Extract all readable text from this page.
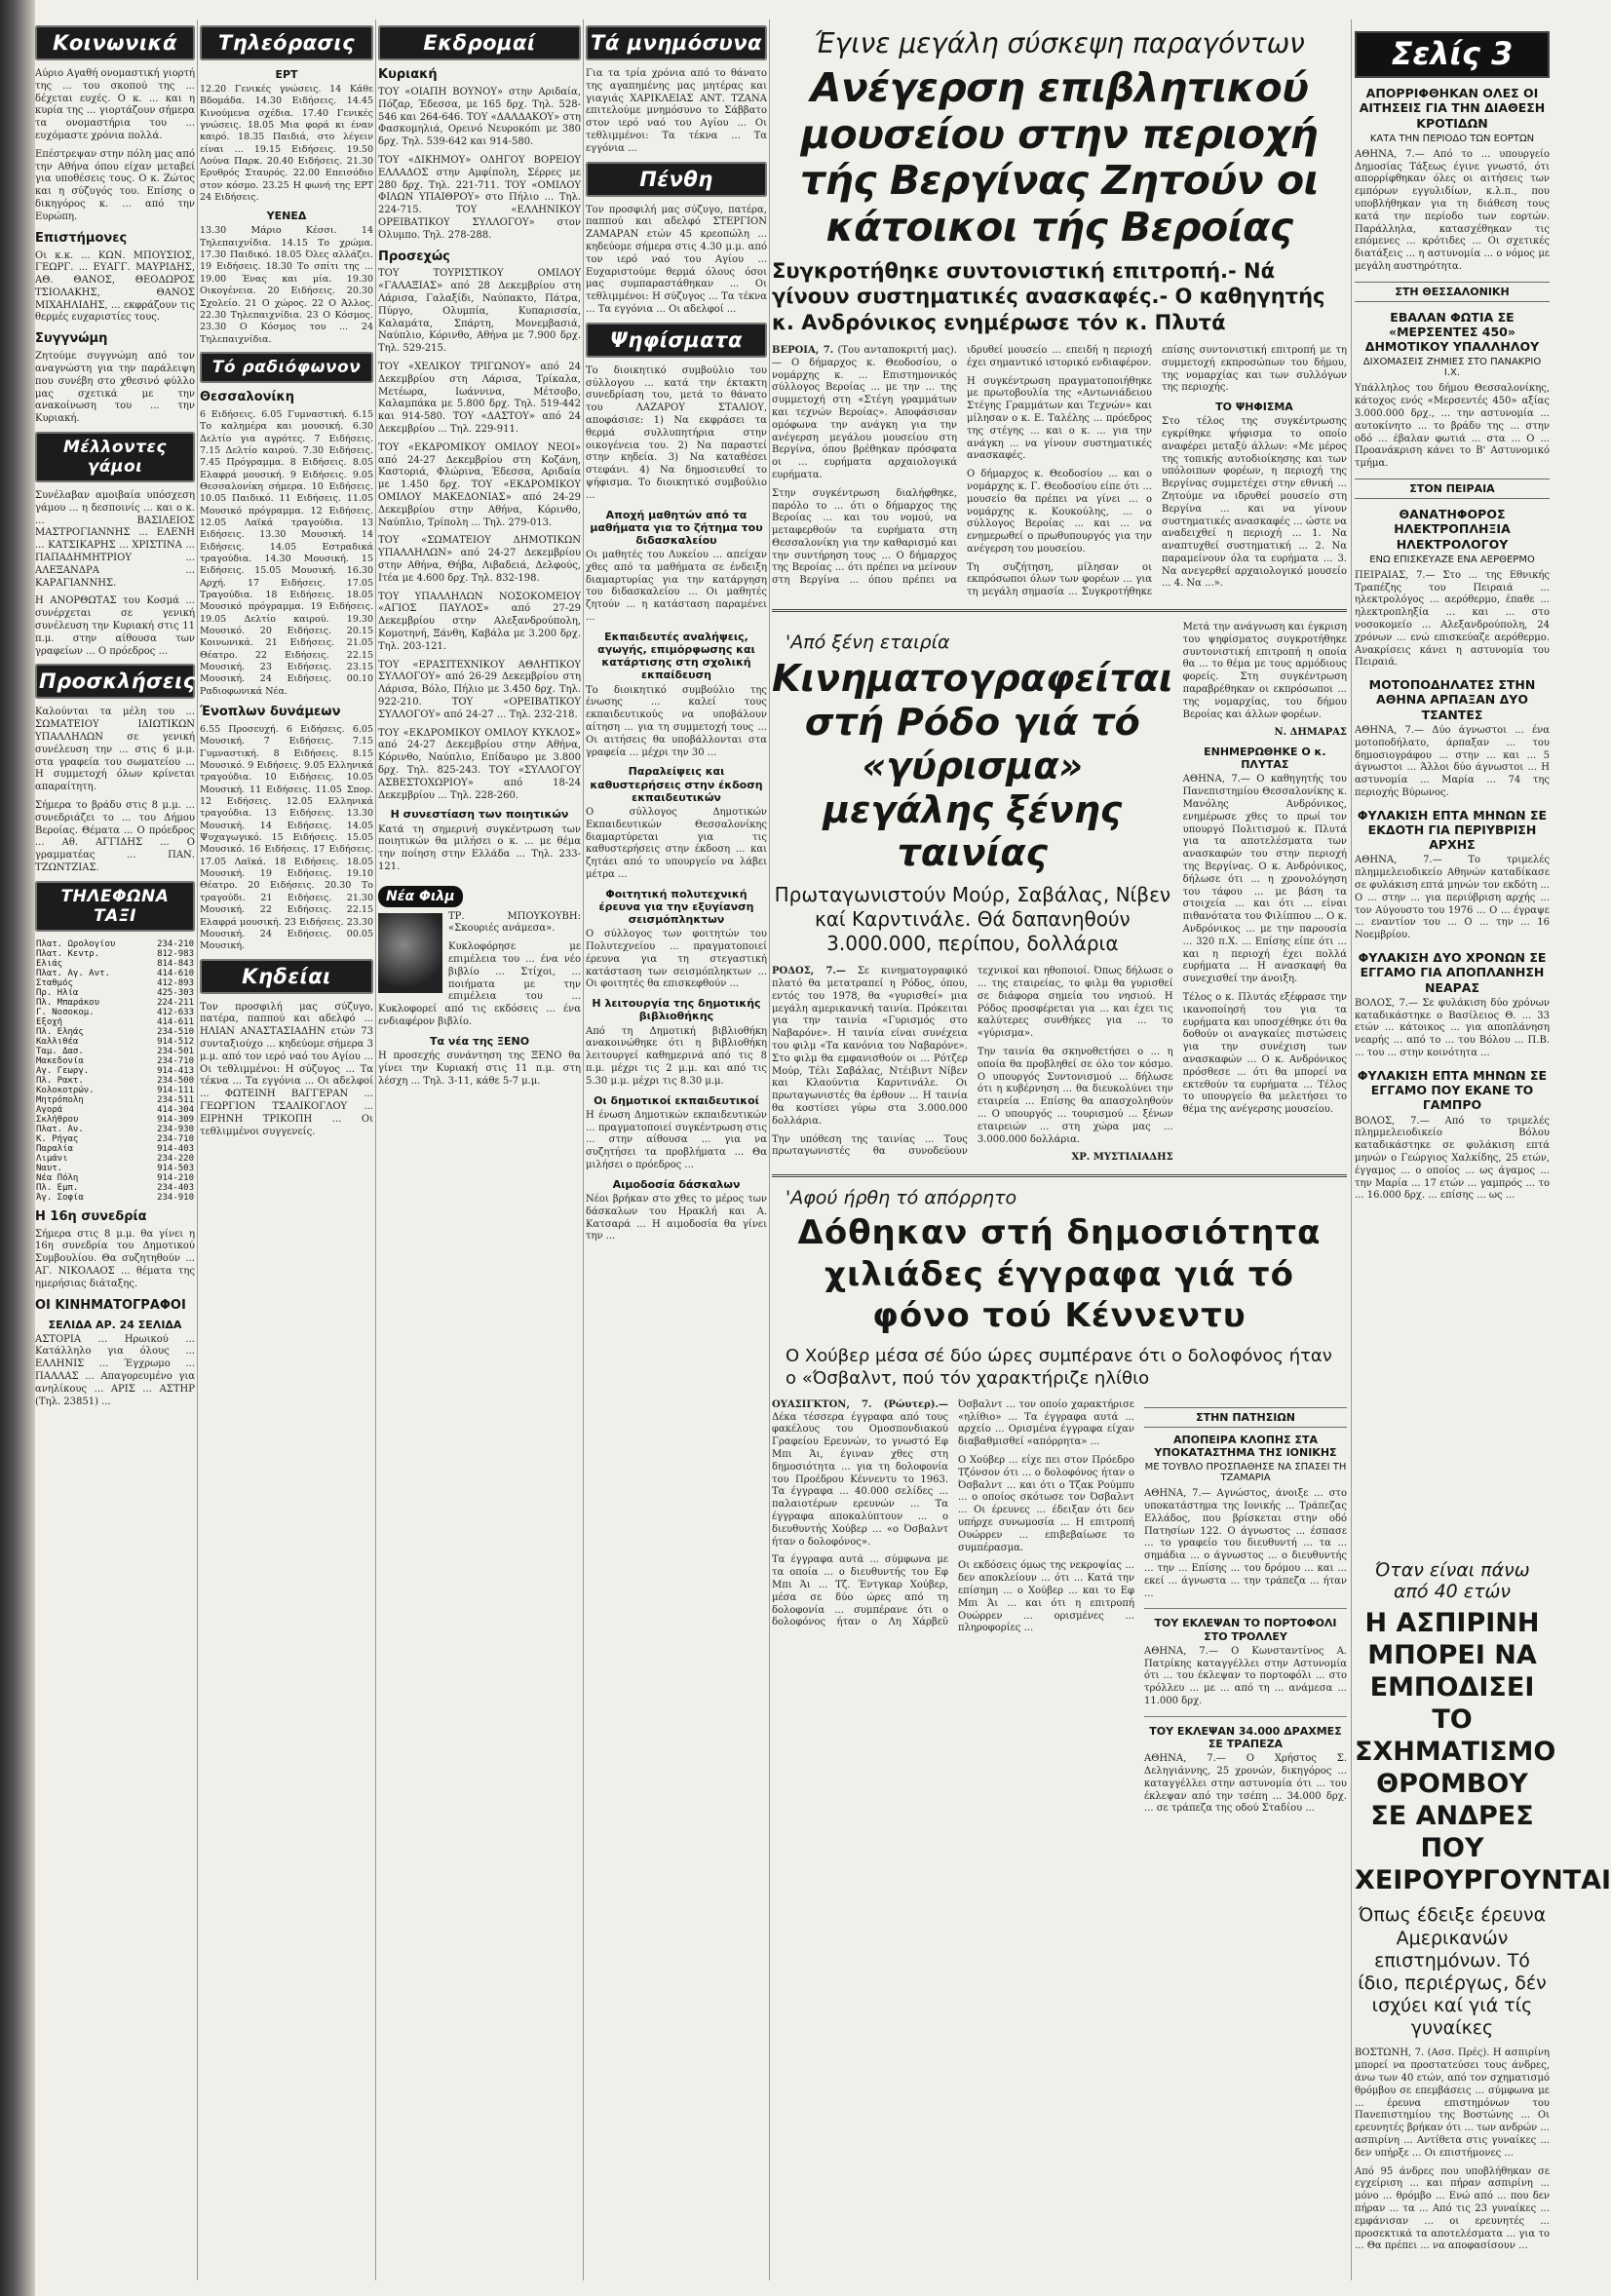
Κοινωνικά

Αύριο Αγαθή ονομαστική γιορτή της ... του σκοπού της ... δέχεται ευχές. Ο κ. ... και η κυρία της ... γιορτάζουν σήμερα τα ονομαστήρια του ... ευχόμαστε χρόνια πολλά.

Επέστρεψαν στην πόλη μας από την Αθήνα όπου είχαν μεταβεί για υποθέσεις τους. Ο κ. Ζώτος και η σύζυγός του. Επίσης ο δικηγόρος κ. ... από την Ευρώπη.

Επιστήμονες

Οι κ.κ. ... ΚΩΝ. ΜΠΟΥΣΙΟΣ, ΓΕΩΡΓ. ... ΕΥΑΓΓ. ΜΑΥΡΙΔΗΣ, ΑΘ. ΘΑΝΟΣ, ΘΕΟΔΩΡΟΣ ΤΣΙΟΛΑΚΗΣ, ΘΑΝΟΣ ΜΙΧΑΗΛΙΔΗΣ, ... εκφράζουν τις θερμές ευχαριστίες τους.

Συγγνώμη

Ζητούμε συγγνώμη από τον αναγνώστη για την παράλειψη που συνέβη στο χθεσινό φύλλο μας σχετικά με την ανακοίνωση του ... την Κυριακή.

Μέλλοντες γάμοι

Συνέλαβαν αμοιβαία υπόσχεση γάμου ... η δεσποινίς ... και ο κ. ... ΒΑΣΙΛΕΙΟΣ ΜΑΣΤΡΟΓΙΑΝΝΗΣ ... ΕΛΕΝΗ ... ΚΑΤΣΙΚΑΡΗΣ ... ΧΡΙΣΤΙΝΑ ... ΠΑΠΑΔΗΜΗΤΡΙΟΥ ... ΑΛΕΞΑΝΔΡΑ ... ΚΑΡΑΓΙΑΝΝΗΣ.

Η ΑΝΟΡΘΩΤΑΣ του Κοσμά ... συνέρχεται σε γενική συνέλευση την Κυριακή στις 11 π.μ. στην αίθουσα των γραφείων ... Ο πρόεδρος ...

Προσκλήσεις

Καλούνται τα μέλη του ... ΣΩΜΑΤΕΙΟΥ ΙΔΙΩΤΙΚΩΝ ΥΠΑΛΛΗΛΩΝ σε γενική συνέλευση την ... στις 6 μ.μ. στα γραφεία του σωματείου ... Η συμμετοχή όλων κρίνεται απαραίτητη.

Σήμερα το βράδυ στις 8 μ.μ. ... συνεδριάζει το ... του Δήμου Βεροίας. Θέματα ... Ο πρόεδρος ... Αθ. ΑΓΓΙΔΗΣ ... Ο γραμματέας ... ΠΑΝ. ΤΖΩΝΤΖΙΑΣ.

ΤΗΛΕΦΩΝΑ ΤΑΞΙ
Πλατ. Ωρολογίου	234-210
Πλατ. Κεντρ.	812-983
Ελιάς	814-843
Πλατ. Αγ. Αντ.	414-610
Σταθμός	412-893
Πρ. Ηλία	425-303
Πλ. Μπαράκου	224-211
Γ. Νοσοκομ.	412-633
Εξοχή	414-611
Πλ. Εληάς	234-510
Καλλιθέα	914-512
Ταμ. Δασ.	234-501
Μακεδονία	234-710
Αγ. Γεωργ.	914-413
Πλ. Ρακτ.	234-500
Κολοκοτρών.	914-111
Μητρόπολη	234-511
Αγορά	414-304
Σκλήθρου	914-309
Πλατ. Αν.	234-930
Κ. Ρήγας	234-710
Παραλία	914-403
Λιμάνι	234-220
Ναυτ.	914-503
Νέα Πόλη	914-210
Πλ. Εμπ.	234-403
Άγ. Σοφία	234-910
Η 16η συνεδρία

Σήμερα στις 8 μ.μ. θα γίνει η 16η συνεδρία του Δημοτικού Συμβουλίου. Θα συζητηθούν ... ΑΓ. ΝΙΚΟΛΑΟΣ ... θέματα της ημερήσιας διάταξης.

ΟΙ ΚΙΝΗΜΑΤΟΓΡΑΦΟΙ
ΣΕΛΙΔΑ ΑΡ. 24 ΣΕΛΙΔΑ

ΑΣΤΟΡΙΑ ... Ηρωικού ... Κατάλληλο για όλους ... ΕΛΛΗΝΙΣ ... Έγχρωμο ... ΠΑΛΛΑΣ ... Απαγορευμένο για ανηλίκους ... ΑΡΙΣ ... ΑΣΤΗΡ (Τηλ. 23851) ...

Τηλεόρασις
ΕΡΤ

12.20 Γενικές γνώσεις. 14 Κάθε Βδομάδα. 14.30 Ειδήσεις. 14.45 Κινούμενα σχέδια. 17.40 Γενικές γνώσεις. 18.05 Μια φορά κι έναν καιρό. 18.35 Παιδιά, στο λέγειν είναι ... 19.15 Ειδήσεις. 19.50 Λούνα Παρκ. 20.40 Ειδήσεις. 21.30 Ερυθρός Σταυρός. 22.00 Επεισόδιο στον κόσμο. 23.25 Η φωνή της ΕΡΤ 24 Ειδήσεις.

ΥΕΝΕΔ

13.30 Μάριο Κέσσι. 14 Τηλεπαιχνίδια. 14.15 Το χρώμα. 17.30 Παιδικό. 18.05 Όλες αλλάζει. 19 Ειδήσεις. 18.30 Το σπίτι της ... 19.00 Ένας και μία. 19.30 Οικογένεια. 20 Ειδήσεις. 20.30 Σχολείο. 21 Ο χώρος. 22 Ο Άλλος. 22.30 Τηλεπαιχνίδια. 23 Ο Κόσμος. 23.30 Ο Κόσμος του ... 24 Τηλεπαιχνίδια.

Τό ραδιόφωνον
Θεσσαλονίκη

6 Ειδήσεις. 6.05 Γυμναστική. 6.15 Το καλημέρα και μουσική. 6.30 Δελτίο για αγρότες. 7 Ειδήσεις. 7.15 Δελτίο καιρού. 7.30 Ειδήσεις. 7.45 Πρόγραμμα. 8 Ειδήσεις. 8.05 Ελαφρά μουσική. 9 Ειδήσεις. 9.05 Θεσσαλονίκη σήμερα. 10 Ειδήσεις. 10.05 Παιδικό. 11 Ειδήσεις. 11.05 Μουσικό πρόγραμμα. 12 Ειδήσεις. 12.05 Λαϊκά τραγούδια. 13 Ειδήσεις. 13.30 Μουσική. 14 Ειδήσεις. 14.05 Εστραδικά τραγούδια. 14.30 Μουσική. 15 Ειδήσεις. 15.05 Μουσική. 16.30 Αρχή. 17 Ειδήσεις. 17.05 Τραγούδια. 18 Ειδήσεις. 18.05 Μουσικό πρόγραμμα. 19 Ειδήσεις. 19.05 Δελτίο καιρού. 19.30 Μουσικό. 20 Ειδήσεις. 20.15 Κοινωνικά. 21 Ειδήσεις. 21.05 Θέατρο. 22 Ειδήσεις. 22.15 Μουσική. 23 Ειδήσεις. 23.15 Μουσική. 24 Ειδήσεις. 00.10 Ραδιοφωνικά Νέα.

Ένοπλων δυνάμεων

6.55 Προσευχή. 6 Ειδήσεις. 6.05 Μουσική. 7 Ειδήσεις. 7.15 Γυμναστική. 8 Ειδήσεις. 8.15 Μουσικό. 9 Ειδήσεις. 9.05 Ελληνικά τραγούδια. 10 Ειδήσεις. 10.05 Μουσική. 11 Ειδήσεις. 11.05 Σπορ. 12 Ειδήσεις. 12.05 Ελληνικά τραγούδια. 13 Ειδήσεις. 13.30 Μουσική. 14 Ειδήσεις. 14.05 Ψυχαγωγικό. 15 Ειδήσεις. 15.05 Μουσικό. 16 Ειδήσεις. 17 Ειδήσεις. 17.05 Λαϊκά. 18 Ειδήσεις. 18.05 Μουσική. 19 Ειδήσεις. 19.10 Θέατρο. 20 Ειδήσεις. 20.30 Το τραγούδι. 21 Ειδήσεις. 21.30 Μουσική. 22 Ειδήσεις. 22.15 Ελαφρά μουσική. 23 Ειδήσεις. 23.30 Μουσική. 24 Ειδήσεις. 00.05 Μουσική.

Κηδείαι

Τον προσφιλή μας σύζυγο, πατέρα, παππού και αδελφό ... ΗΛΙΑΝ ΑΝΑΣΤΑΣΙΑΔΗΝ ετών 73 συνταξιούχο ... κηδεύομε σήμερα 3 μ.μ. από τον ιερό ναό του Αγίου ... Οι τεθλιμμένοι: Η σύζυγος ... Τα τέκνα ... Τα εγγόνια ... Οι αδελφοί ... ΦΩΤΕΙΝΗ ΒΑΓΓΕΡΑΝ ... ΓΕΩΡΓΙΟΝ ΤΣΑΛΙΚΟΓΛΟΥ ... ΕΙΡΗΝΗ ΤΡΙΚΟΠΗ ... Οι τεθλιμμένοι συγγενείς.

Εκδρομαί
Κυριακή

ΤΟΥ «ΟΙΑΠΗ ΒΟΥΝΟΥ» στην Αριδαία, Πόζαρ, Έδεσσα, με 165 δρχ. Τηλ. 528-546 και 264-646. ΤΟΥ «ΔΑΛΔΑΚΟΥ» στη Φασκομηλιά, Ορεινό Νευροκόπι με 380 δρχ. Τηλ. 539-642 και 914-580.

ΤΟΥ «ΔΙΚΗΜΟΥ» ΟΔΗΓΟΥ ΒΟΡΕΙΟΥ ΕΛΛΑΔΟΣ στην Αμφίπολη, Σέρρες με 280 δρχ. Τηλ. 221-711. ΤΟΥ «ΟΜΙΛΟΥ ΦΙΛΩΝ ΥΠΑΙΘΡΟΥ» στο Πήλιο ... Τηλ. 224-715. ΤΟΥ «ΕΛΛΗΝΙΚΟΥ ΟΡΕΙΒΑΤΙΚΟΥ ΣΥΛΛΟΓΟΥ» στον Όλυμπο. Τηλ. 278-288.

Προσεχώς

ΤΟΥ ΤΟΥΡΙΣΤΙΚΟΥ ΟΜΙΛΟΥ «ΓΑΛΑΞΙΑΣ» από 28 Δεκεμβρίου στη Λάρισα, Γαλαξίδι, Ναύπακτο, Πάτρα, Πύργο, Ολυμπία, Κυπαρισσία, Καλαμάτα, Σπάρτη, Μονεμβασιά, Ναύπλιο, Κόρινθο, Αθήνα με 7.900 δρχ. Τηλ. 529-215.

ΤΟΥ «ΧΕΛΙΚΟΥ ΤΡΙΓΩΝΟΥ» από 24 Δεκεμβρίου στη Λάρισα, Τρίκαλα, Μετέωρα, Ιωάννινα, Μέτσοβο, Καλαμπάκα με 5.800 δρχ. Τηλ. 519-442 και 914-580. ΤΟΥ «ΔΑΣΤΟΥ» από 24 Δεκεμβρίου ... Τηλ. 229-911.

ΤΟΥ «ΕΚΔΡΟΜΙΚΟΥ ΟΜΙΛΟΥ ΝΕΟΙ» από 24-27 Δεκεμβρίου στη Κοζάνη, Καστοριά, Φλώρινα, Έδεσσα, Αριδαία με 1.450 δρχ. ΤΟΥ «ΕΚΔΡΟΜΙΚΟΥ ΟΜΙΛΟΥ ΜΑΚΕΔΟΝΙΑΣ» από 24-29 Δεκεμβρίου στην Αθήνα, Κόρινθο, Ναύπλιο, Τρίπολη ... Τηλ. 279-013.

ΤΟΥ «ΣΩΜΑΤΕΙΟΥ ΔΗΜΟΤΙΚΩΝ ΥΠΑΛΛΗΛΩΝ» από 24-27 Δεκεμβρίου στην Αθήνα, Θήβα, Λιβαδειά, Δελφούς, Ιτέα με 4.600 δρχ. Τηλ. 832-198.

ΤΟΥ ΥΠΑΛΛΗΛΩΝ ΝΟΣΟΚΟΜΕΙΟΥ «ΑΓΙΟΣ ΠΑΥΛΟΣ» από 27-29 Δεκεμβρίου στην Αλεξανδρούπολη, Κομοτηνή, Ξάνθη, Καβάλα με 3.200 δρχ. Τηλ. 203-121.

ΤΟΥ «ΕΡΑΣΙΤΕΧΝΙΚΟΥ ΑΘΛΗΤΙΚΟΥ ΣΥΛΛΟΓΟΥ» από 26-29 Δεκεμβρίου στη Λάρισα, Βόλο, Πήλιο με 3.450 δρχ. Τηλ. 922-210. ΤΟΥ «ΟΡΕΙΒΑΤΙΚΟΥ ΣΥΛΛΟΓΟΥ» από 24-27 ... Τηλ. 232-218.

ΤΟΥ «ΕΚΔΡΟΜΙΚΟΥ ΟΜΙΛΟΥ ΚΥΚΛΟΣ» από 24-27 Δεκεμβρίου στην Αθήνα, Κόρινθο, Ναύπλιο, Επίδαυρο με 3.800 δρχ. Τηλ. 825-243. ΤΟΥ «ΣΥΛΛΟΓΟΥ ΑΣΒΕΣΤΟΧΩΡΙΟΥ» από 18-24 Δεκεμβρίου ... Τηλ. 228-260.

Η συνεστίαση των ποιητικών

Κατά τη σημερινή συγκέντρωση των ποιητικών θα μιλήσει ο κ. ... με θέμα την ποίηση στην Ελλάδα ... Τηλ. 233-121.

Νέα Φιλμ

ΤΡ. ΜΠΟΥΚΟΥΒΗ: «Σκουριές ανάμεσα».

Κυκλοφόρησε με επιμέλεια του ... ένα νέο βιβλίο ... Στίχοι, ... ποιήματα με την επιμέλεια του ... Κυκλοφορεί από τις εκδόσεις ... ένα ενδιαφέρον βιβλίο.

Τα νέα της ΞΕΝΟ

Η προσεχής συνάντηση της ΞΕΝΟ θα γίνει την Κυριακή στις 11 π.μ. στη λέσχη ... Τηλ. 3-11, κάθε 5-7 μ.μ.

Τά μνημόσυνα

Για τα τρία χρόνια από το θάνατο της αγαπημένης μας μητέρας και γιαγιάς ΧΑΡΙΚΛΕΙΑΣ ΑΝΤ. ΤΖΑΝΑ επιτελούμε μνημόσυνο το Σάββατο στον ιερό ναό του Αγίου ... Οι τεθλιμμένοι: Τα τέκνα ... Τα εγγόνια ...

Πένθη

Τον προσφιλή μας σύζυγο, πατέρα, παππού και αδελφό ΣΤΕΡΓΙΟΝ ΖΑΜΑΡΑΝ ετών 45 κρεοπώλη ... κηδεύομε σήμερα στις 4.30 μ.μ. από τον ιερό ναό του Αγίου ... Ευχαριστούμε θερμά όλους όσοι μας συμπαραστάθηκαν ... Οι τεθλιμμένοι: Η σύζυγος ... Τα τέκνα ... Τα εγγόνια ... Οι αδελφοί ...

Ψηφίσματα

Το διοικητικό συμβούλιο του σύλλογου ... κατά την έκτακτη συνεδρίαση του, μετά το θάνατο του ΛΑΖΑΡΟΥ ΣΤΑΛΙΟΥ, αποφάσισε: 1) Να εκφράσει τα θερμά συλλυπητήρια στην οικογένεια του. 2) Να παραστεί στην κηδεία. 3) Να καταθέσει στεφάνι. 4) Να δημοσιευθεί το ψήφισμα. Το διοικητικό συμβούλιο ...

Αποχή μαθητών από τα μαθήματα για το ζήτημα του διδασκαλείου

Οι μαθητές του Λυκείου ... απείχαν χθες από τα μαθήματα σε ένδειξη διαμαρτυρίας για την κατάργηση του διδασκαλείου ... Οι μαθητές ζητούν ... η κατάσταση παραμένει ...

Εκπαιδευτές αναλήψεις, αγωγής, επιμόρφωσης και κατάρτισης στη σχολική εκπαίδευση

Το διοικητικό συμβούλιο της ένωσης ... καλεί τους εκπαιδευτικούς να υποβάλουν αίτηση ... για τη συμμετοχή τους ... Οι αιτήσεις θα υποβάλλονται στα γραφεία ... μέχρι την 30 ...

Παραλείψεις και καθυστερήσεις στην έκδοση εκπαιδευτικών

Ο σύλλογος Δημοτικών Εκπαιδευτικών Θεσσαλονίκης διαμαρτύρεται για τις καθυστερήσεις στην έκδοση ... και ζητάει από το υπουργείο να λάβει μέτρα ...

Φοιτητική πολυτεχνική έρευνα για την εξυγίανση σεισμόπληκτων

Ο σύλλογος των φοιτητών του Πολυτεχνείου ... πραγματοποιεί έρευνα για τη στεγαστική κατάσταση των σεισμόπληκτων ... Οι φοιτητές θα επισκεφθούν ...

Η λειτουργία της δημοτικής βιβλιοθήκης

Από τη Δημοτική βιβλιοθήκη ανακοινώθηκε ότι η βιβλιοθήκη λειτουργεί καθημερινά από τις 8 π.μ. μέχρι τις 2 μ.μ. και από τις 5.30 μ.μ. μέχρι τις 8.30 μ.μ.

Οι δημοτικοί εκπαιδευτικοί

Η ένωση Δημοτικών εκπαιδευτικών ... πραγματοποιεί συγκέντρωση στις ... στην αίθουσα ... για να συζητήσει τα προβλήματα ... Θα μιλήσει ο πρόεδρος ...

Αιμοδοσία δάσκαλων

Νέοι βρήκαν στο χθες το μέρος των δάσκαλων του Ηρακλή και Α. Κατσαρά ... Η αιμοδοσία θα γίνει την ...

Έγινε μεγάλη σύσκεψη παραγόντων
Ανέγερση επιβλητικού μουσείου στην περιοχή τής Βεργίνας Ζητούν οι κάτοικοι τής Βεροίας
Συγκροτήθηκε συντονιστική επιτροπή.- Νά γίνουν συστηματικές ανασκαφές.- Ο καθηγητής κ. Ανδρόνικος ενημέρωσε τόν κ. Πλυτά

ΒΕΡΟΙΑ, 7. (Του ανταποκριτή μας).— Ο δήμαρχος κ. Θεοδοσίου, ο νομάρχης κ. ... Επιστημονικός σύλλογος Βεροίας ... με την ... της συμμετοχή στη «Στέγη γραμμάτων και τεχνών Βεροίας». Αποφάσισαν ομόφωνα την ανάγκη για την ανέγερση μεγάλου μουσείου στη Βεργίνα, όπου βρέθηκαν πρόσφατα οι ... ευρήματα αρχαιολογικά ευρήματα.

Στην συγκέντρωση διαλήφθηκε, παρόλο το ... ότι ο δήμαρχος της Βεροίας ... και του νομού, να μεταφερθούν τα ευρήματα στη Θεσσαλονίκη για την καθαρισμό και την συντήρηση τους ... Ο δήμαρχος της Βεροίας ... ότι πρέπει να μείνουν στη Βεργίνα ... όπου πρέπει να ιδρυθεί μουσείο ... επειδή η περιοχή έχει σημαντικό ιστορικό ενδιαφέρον.

Η συγκέντρωση πραγματοποιήθηκε με πρωτοβουλία της «Αντωνιάδειου Στέγης Γραμμάτων και Τεχνών» και μίλησαν ο κ. Ε. Ταλέλης ... πρόεδρος της στέγης ... και ο κ. ... για την ανάγκη ... να γίνουν συστηματικές ανασκαφές.

Ο δήμαρχος κ. Θεοδοσίου ... και ο νομάρχης κ. Γ. Θεοδοσίου είπε ότι ... μουσείο θα πρέπει να γίνει ... ο νομάρχης κ. Κουκούλης, ... ο σύλλογος Βεροίας ... και ... να ενημερωθεί ο πρωθυπουργός για την ανέγερση του μουσείου.

Τη συζήτηση, μίλησαν οι εκπρόσωποι όλων των φορέων ... για τη μεγάλη σημασία ... Συγκροτήθηκε επίσης συντονιστική επιτροπή με τη συμμετοχή εκπροσώπων του δήμου, της νομαρχίας και των συλλόγων της περιοχής.

ΤΟ ΨΗΦΙΣΜΑ

Στο τέλος της συγκέντρωσης εγκρίθηκε ψήφισμα το οποίο αναφέρει μεταξύ άλλων: «Με μέρος της τοπικής αυτοδιοίκησης και των υπόλοιπων φορέων, η περιοχή της Βεργίνας συμμετέχει στην εθνική ... Ζητούμε να ιδρυθεί μουσείο στη Βεργίνα ... και να γίνουν συστηματικές ανασκαφές ... ώστε να αναδειχθεί η περιοχή ... 1. Να αναπτυχθεί συστηματική ... 2. Να παραμείνουν όλα τα ευρήματα ... 3. Να ανεγερθεί αρχαιολογικό μουσείο ... 4. Να ...».

' Από ξένη εταιρία
Κινηματογραφείται στή Ρόδο γιά τό «γύρισμα» μεγάλης ξένης ταινίας
Πρωταγωνιστούν Μούρ, Σαβάλας, Νίβεν καί Καρντινάλε. Θά δαπανηθούν 3.000.000, περίπου, δολλάρια

ΡΟΔΟΣ, 7.— Σε κινηματογραφικό πλατό θα μετατραπεί η Ρόδος, όπου, εντός του 1978, θα «γυρισθεί» μια μεγάλη αμερικανική ταινία. Πρόκειται για την ταινία «Γυρισμός στο Ναβαρόνε». Η ταινία είναι συνέχεια του φιλμ «Τα κανόνια του Ναβαρόνε». Στο φιλμ θα εμφανισθούν οι ... Ρότζερ Μούρ, Τέλι Σαβάλας, Ντέιβιντ Νίβεν και Κλαούντια Καρντινάλε. Οι πρωταγωνιστές θα έρθουν ... Η ταινία θα κοστίσει γύρω στα 3.000.000 δολλάρια.

Την υπόθεση της ταινίας ... Τους πρωταγωνιστές θα συνοδεύουν τεχνικοί και ηθοποιοί. Όπως δήλωσε ο ... της εταιρείας, το φιλμ θα γυρισθεί σε διάφορα σημεία του νησιού. Η Ρόδος προσφέρεται για ... και έχει τις καλύτερες συνθήκες για ... το «γύρισμα».

Την ταινία θα σκηνοθετήσει ο ... η οποία θα προβληθεί σε όλο τον κόσμο. Ο υπουργός Συντονισμού ... δήλωσε ότι η κυβέρνηση ... θα διευκολύνει την εταιρεία ... Επίσης θα απασχοληθούν ... Ο υπουργός ... τουρισμού ... ξένων εταιρειών ... στη χώρα μας ... 3.000.000 δολλάρια.

ΧΡ. ΜΥΣΤΙΛΙΑΔΗΣ

Μετά την ανάγνωση και έγκριση του ψηφίσματος συγκροτήθηκε συντονιστική επιτροπή η οποία θα ... το θέμα με τους αρμόδιους φορείς. Στη συγκέντρωση παραβρέθηκαν οι εκπρόσωποι ... της νομαρχίας, του δήμου Βεροίας και άλλων φορέων.

Ν. ΔΗΜΑΡΑΣ
ΕΝΗΜΕΡΩΘΗΚΕ Ο κ. ΠΛΥΤΑΣ

ΑΘΗΝΑ, 7.— Ο καθηγητής του Πανεπιστημίου Θεσσαλονίκης κ. Μανόλης Ανδρόνικος, ενημέρωσε χθες το πρωί τον υπουργό Πολιτισμού κ. Πλυτά για τα αποτελέσματα των ανασκαφών του στην περιοχή της Βεργίνας. Ο κ. Ανδρόνικος, δήλωσε ότι ... η χρονολόγηση του τάφου ... με βάση τα στοιχεία ... και ότι ... είναι πιθανότατα του Φιλίππου ... Ο κ. Ανδρόνικος ... με την παρουσία ... 320 π.Χ. ... Επίσης είπε ότι ... και η περιοχή έχει πολλά ευρήματα ... Η ανασκαφή θα συνεχισθεί την άνοιξη.

Τέλος ο κ. Πλυτάς εξέφρασε την ικανοποίησή του για τα ευρήματα και υποσχέθηκε ότι θα δοθούν οι αναγκαίες πιστώσεις για την συνέχιση των ανασκαφών ... Ο κ. Ανδρόνικος πρόσθεσε ... ότι θα μπορεί να εκτεθούν τα ευρήματα ... Τέλος το υπουργείο θα μελετήσει το θέμα της ανέγερσης μουσείου.

' Αφού ήρθη τό απόρρητο
Δόθηκαν στή δημοσιότητα χιλιάδες έγγραφα γιά τό φόνο τού Κέννεντυ
Ο Χούβερ μέσα σέ δύο ώρες συμπέρανε ότι ο δολοφόνος ήταν ο «Όσβαλντ, πού τόν χαρακτήριζε ηλίθιο

ΟΥΑΣΙΓΚΤΟΝ, 7. (Ρώυτερ).— Δέκα τέσσερα έγγραφα από τους φακέλους του Ομοσπονδιακού Γραφείου Ερευνών, το γνωστό Εφ Μπι Άι, έγιναν χθες στη δημοσιότητα ... για τη δολοφονία του Προέδρου Κέννεντυ το 1963. Τα έγγραφα ... 40.000 σελίδες ... παλαιοτέρων ερευνών ... Τα έγγραφα αποκαλύπτουν ... ο διευθυντής Χούβερ ... «ο Όσβαλντ ήταν ο δολοφόνος».

Τα έγγραφα αυτά ... σύμφωνα με τα οποία ... ο διευθυντής του Εφ Μπι Άι ... Τζ. Έντγκαρ Χούβερ, μέσα σε δύο ώρες από τη δολοφονία ... συμπέρανε ότι ο δολοφόνος ήταν ο Λη Χάρβεϋ Όσβαλντ ... τον οποίο χαρακτήρισε «ηλίθιο» ... Τα έγγραφα αυτά ... αρχείο ... Ορισμένα έγγραφα είχαν διαβαθμισθεί «απόρρητα» ...

Ο Χούβερ ... είχε πει στον Πρόεδρο Τζόνσον ότι ... ο δολοφόνος ήταν ο Όσβαλντ ... και ότι ο Τζακ Ρούμπυ ... ο οποίος σκότωσε τον Όσβαλντ ... Οι έρευνες ... έδειξαν ότι δεν υπήρχε συνωμοσία ... Η επιτροπή Ουώρρεν ... επιβεβαίωσε το συμπέρασμα.

Οι εκδόσεις όμως της νεκροψίας ... δεν αποκλείουν ... ότι ... Κατά την επίσημη ... ο Χούβερ ... και το Εφ Μπι Άι ... και ότι η επιτροπή Ουώρρεν ... ορισμένες ... πληροφορίες ...

ΣΤΗΝ ΠΑΤΗΣΙΩΝ
ΑΠΟΠΕΙΡΑ ΚΛΟΠΗΣ ΣΤΑ ΥΠΟΚΑΤΑΣΤΗΜΑ ΤΗΣ ΙΟΝΙΚΗΣ
ΜΕ ΤΟΥΒΛΟ ΠΡΟΣΠΑΘΗΣΕ ΝΑ ΣΠΑΣΕΙ ΤΗ ΤΖΑΜΑΡΙΑ

ΑΘΗΝΑ, 7.— Αγνώστος, άνοιξε ... στο υποκατάστημα της Ιονικής ... Τράπεζας Ελλάδος, που βρίσκεται στην οδό Πατησίων 122. Ο άγνωστος ... έσπασε ... το γραφείο του διευθυντή ... τα ... σημάδια ... ο άγνωστος ... ο διευθυντής ... την ... Επίσης ... του δρόμου ... και ... εκεί ... άγνωστα ... την τράπεζα ... ήταν ...

ΤΟΥ ΕΚΛΕΨΑΝ ΤΟ ΠΟΡΤΟΦΟΛΙ ΣΤΟ ΤΡΟΛΛΕΥ

ΑΘΗΝΑ, 7.— Ο Κωνσταντίνος Α. Πατρίκης καταγγέλλει στην Αστυνομία ότι ... του έκλεψαν το πορτοφόλι ... στο τρόλλευ ... με ... από τη ... ανάμεσα ... 11.000 δρχ.

ΤΟΥ ΕΚΛΕΨΑΝ 34.000 ΔΡΑΧΜΕΣ ΣΕ ΤΡΑΠΕΖΑ

ΑΘΗΝΑ, 7.— Ο Χρήστος Σ. Δεληγιάννης, 25 χρονών, δικηγόρος ... καταγγέλλει στην αστυνομία ότι ... του έκλεψαν από την τσέπη ... 34.000 δρχ. ... σε τράπεζα της οδού Σταδίου ...

Σελίς 3
ΑΠΟΡΡΙΦΘΗΚΑΝ ΟΛΕΣ ΟΙ ΑΙΤΗΣΕΙΣ ΓΙΑ ΤΗΝ ΔΙΑΘΕΣΗ ΚΡΟΤΙΔΩΝ
ΚΑΤΑ ΤΗΝ ΠΕΡΙΟΔΟ ΤΩΝ ΕΟΡΤΩΝ

ΑΘΗΝΑ, 7.— Από το ... υπουργείο Δημοσίας Τάξεως έγινε γνωστό, ότι απορρίφθηκαν όλες οι αιτήσεις των εμπόρων εγγυλιδίων, κ.λ.π., που υποβλήθηκαν για τη διάθεση τους κατά την περίοδο των εορτών. Παράλληλα, κατασχέθηκαν τις επόμενες ... κρότιδες ... Οι σχετικές διατάξεις ... η αστυνομία ... ο νόμος με μεγάλη αυστηρότητα.

ΣΤΗ ΘΕΣΣΑΛΟΝΙΚΗ
ΕΒΑΛΑΝ ΦΩΤΙΑ ΣΕ «ΜΕΡΣΕΝΤΕΣ 450» ΔΗΜΟΤΙΚΟΥ ΥΠΑΛΛΗΛΟΥ
ΔΙΧΟΜΑΣΕΙΣ ΖΗΜΙΕΣ ΣΤΟ ΠΑΝΑΚΡΙΟ Ι.Χ.

Υπάλληλος του δήμου Θεσσαλονίκης, κάτοχος ενός «Μερσεντές 450» αξίας 3.000.000 δρχ., ... την αστυνομία ... αυτοκίνητο ... το βράδυ της ... στην οδό ... έβαλαν φωτιά ... στα ... Ο ... Προανάκριση κάνει το Β' Αστυνομικό τμήμα.

ΣΤΟΝ ΠΕΙΡΑΙΑ
ΘΑΝΑΤΗΦΟΡΟΣ ΗΛΕΚΤΡΟΠΛΗΞΙΑ ΗΛΕΚΤΡΟΛΟΓΟΥ
ΕΝΩ ΕΠΙΣΚΕΥΑΖΕ ΕΝΑ ΑΕΡΘΕΡΜΟ

ΠΕΙΡΑΙΑΣ, 7.— Στο ... της Εθνικής Τραπέζης του Πειραιά ... ηλεκτρολόγος ... αερόθερμο, έπαθε ... ηλεκτροπληξία ... και ... στο νοσοκομείο ... Αλεξανδρούπολη, 24 χρόνων ... ενώ επισκεύαζε αερόθερμο. Ανακρίσεις κάνει η αστυνομία του Πειραιά.

ΜΟΤΟΠΟΔΗΛΑΤΕΣ ΣΤΗΝ ΑΘΗΝΑ ΑΡΠΑΞΑΝ ΔΥΟ ΤΣΑΝΤΕΣ

ΑΘΗΝΑ, 7.— Δύο άγνωστοι ... ένα μοτοποδήλατο, άρπαξαν ... του δημοσιογράφου ... στην ... και ... 5 άγνωστοι ... Άλλοι δύο άγνωστοι ... Η αστυνομία ... Μαρία ... 74 της περιοχής Βύρωνος.

ΦΥΛΑΚΙΣΗ ΕΠΤΑ ΜΗΝΩΝ ΣΕ ΕΚΔΟΤΗ ΓΙΑ ΠΕΡΙΥΒΡΙΣΗ ΑΡΧΗΣ

ΑΘΗΝΑ, 7.— Το τριμελές πλημμελειοδικείο Αθηνών καταδίκασε σε φυλάκιση επτά μηνών τον εκδότη ... Ο ... στην ... για περιύβριση αρχής ... τον Αύγουστο του 1976 ... Ο ... έγραψε ... εναντίον του ... Ο ... την ... 16 Νοεμβρίου.

ΦΥΛΑΚΙΣΗ ΔΥΟ ΧΡΟΝΩΝ ΣΕ ΕΓΓΑΜΟ ΓΙΑ ΑΠΟΠΛΑΝΗΣΗ ΝΕΑΡΑΣ

ΒΟΛΟΣ, 7.— Σε φυλάκιση δύο χρόνων καταδικάστηκε ο Βασίλειος Θ. ... 33 ετών ... κάτοικος ... για αποπλάνηση νεαρής ... από το ... του Βόλου ... Π.Β. ... του ... στην κοινότητα ...

ΦΥΛΑΚΙΣΗ ΕΠΤΑ ΜΗΝΩΝ ΣΕ ΕΓΓΑΜΟ ΠΟΥ ΕΚΑΝΕ ΤΟ ΓΑΜΠΡΟ

ΒΟΛΟΣ, 7.— Από το τριμελές πλημμελειοδικείο Βόλου καταδικάστηκε σε φυλάκιση επτά μηνών ο Γεώργιος Χαλκίδης, 25 ετών, έγγαμος ... ο οποίος ... ως άγαμος ... την Μαρία ... 17 ετών ... γαμπρός ... το ... 16.000 δρχ. ... επίσης ... ως ...

Όταν είναι πάνω από 40 ετών
Η ΑΣΠΙΡΙΝΗ ΜΠΟΡΕΙ ΝΑ ΕΜΠΟΔΙΣΕΙ ΤΟ ΣΧΗΜΑΤΙΣΜΟ ΘΡΟΜΒΟΥ ΣΕ ΑΝΔΡΕΣ ΠΟΥ ΧΕΙΡΟΥΡΓΟΥΝΤΑΙ
Όπως έδειξε έρευνα Αμερικανών επιστημόνων. Τό ίδιο, περιέργως, δέν ισχύει καί γιά τίς γυναίκες

ΒΟΣΤΩΝΗ, 7. (Ασσ. Πρές). Η ασπιρίνη μπορεί να προστατεύσει τους άνδρες, άνω των 40 ετών, από τον σχηματισμό θρόμβου σε επεμβάσεις ... σύμφωνα με ... έρευνα επιστημόνων του Πανεπιστημίου της Βοστώνης ... Οι ερευνητές βρήκαν ότι ... των ανδρών ... ασπιρίνη ... Αντίθετα στις γυναίκες ... δεν υπήρξε ... Οι επιστήμονες ...

Από 95 άνδρες που υποβλήθηκαν σε εγχείριση ... και πήραν ασπιρίνη ... μόνο ... θρόμβο ... Ενώ από ... που δεν πήραν ... τα ... Από τις 23 γυναίκες ... εμφάνισαν ... οι ερευνητές ... προσεκτικά τα αποτελέσματα ... για το ... Θα πρέπει ... να αποφασίσουν ...
